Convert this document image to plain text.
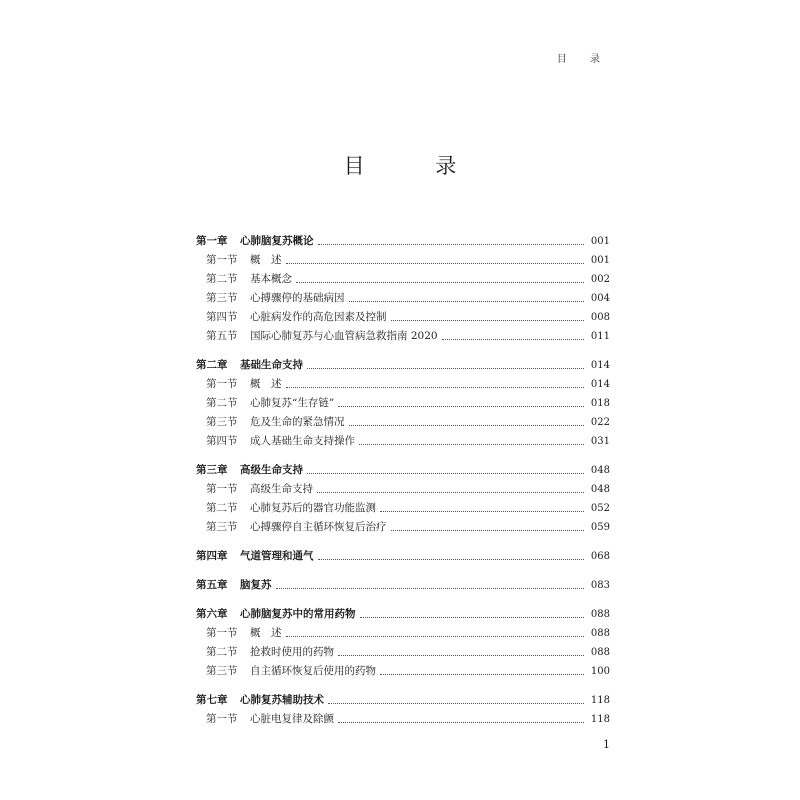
目 录
目 录
第一章	心肺脑复苏概论	001
第一节	概　述	001
第二节	基本概念	002
第三节	心搏骤停的基础病因	004
第四节	心脏病发作的高危因素及控制	008
第五节	国际心肺复苏与心血管病急救指南 2020	011
第二章	基础生命支持	014
第一节	概　述	014
第二节	心肺复苏“生存链”	018
第三节	危及生命的紧急情况	022
第四节	成人基础生命支持操作	031
第三章	高级生命支持	048
第一节	高级生命支持	048
第二节	心肺复苏后的器官功能监测	052
第三节	心搏骤停自主循环恢复后治疗	059
第四章	气道管理和通气	068
第五章	脑复苏	083
第六章	心肺脑复苏中的常用药物	088
第一节	概　述	088
第二节	抢救时使用的药物	088
第三节	自主循环恢复后使用的药物	100
第七章	心肺复苏辅助技术	118
第一节	心脏电复律及除颤	118
1
